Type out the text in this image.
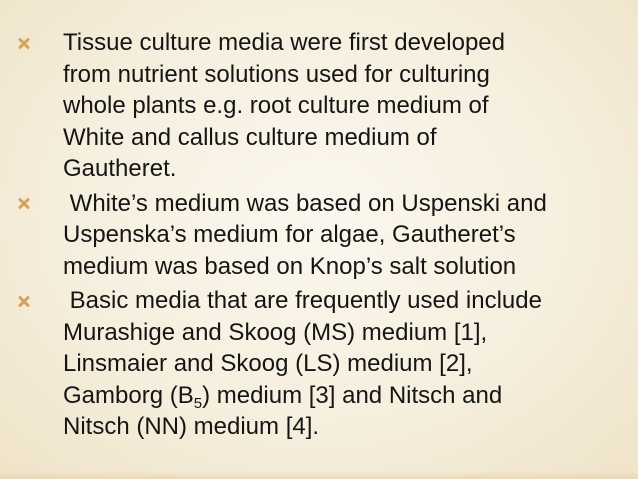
Tissue culture media were first developed
from nutrient solutions used for culturing
whole plants e.g. root culture medium of
White and callus culture medium of
Gautheret.
White’s medium was based on Uspenski and
Uspenska’s medium for algae, Gautheret’s
medium was based on Knop’s salt solution
Basic media that are frequently used include
Murashige and Skoog (MS) medium [1],
Linsmaier and Skoog (LS) medium [2],
Gamborg $(B_5)$ medium [3] and Nitsch and
Nitsch (NN) medium [4].
